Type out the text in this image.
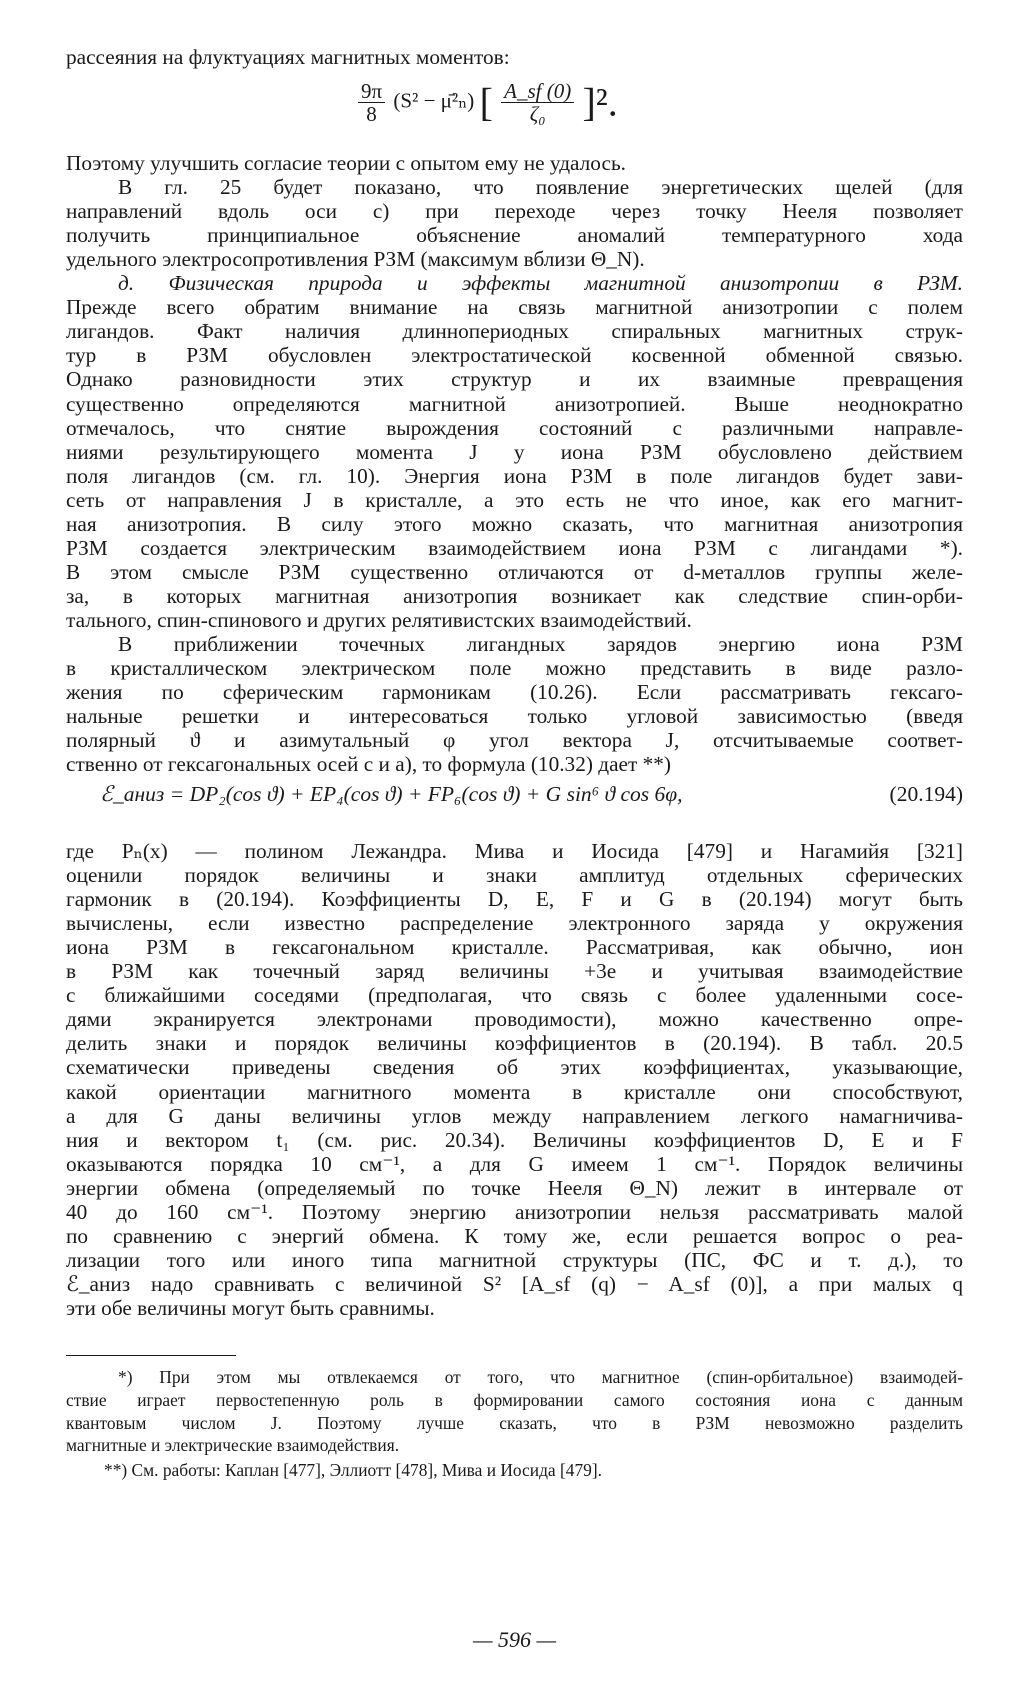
рассеяния на флуктуациях магнитных моментов:
$\frac{9\pi}{8} (S^2$ − μ̄²ₙ) [ $\frac{A\_sf (0)}{\text{ζ₀}} ]^2$.
Поэтому улучшить согласие теории с опытом ему не удалось.
В гл. 25 будет показано, что появление энергетических щелей (для
направлений вдоль оси c) при переходе через точку Нееля позволяет
получить принципиальное объяснение аномалий температурного хода
удельного электросопротивления РЗМ (максимум вблизи Θ_N).
д. Физическая природа и эффекты магнитной анизотропии в РЗМ.
Прежде всего обратим внимание на связь магнитной анизотропии с полем
лигандов. Факт наличия длиннопериодных спиральных магнитных струк-
тур в РЗМ обусловлен электростатической косвенной обменной связью.
Однако разновидности этих структур и их взаимные превращения
существенно определяются магнитной анизотропией. Выше неоднократно
отмечалось, что снятие вырождения состояний с различными направле-
ниями результирующего момента J у иона РЗМ обусловлено действием
поля лигандов (см. гл. 10). Энергия иона РЗМ в поле лигандов будет зави-
сеть от направления J в кристалле, а это есть не что иное, как его магнит-
ная анизотропия. В силу этого можно сказать, что магнитная анизотропия
РЗМ создается электрическим взаимодействием иона РЗМ с лигандами *).
В этом смысле РЗМ существенно отличаются от d-металлов группы желе-
за, в которых магнитная анизотропия возникает как следствие спин-орби-
тального, спин-спинового и других релятивистских взаимодействий.
В приближении точечных лигандных зарядов энергию иона РЗМ
в кристаллическом электрическом поле можно представить в виде разло-
жения по сферическим гармоникам (10.26). Если рассматривать гексаго-
нальные решетки и интересоваться только угловой зависимостью (введя
полярный ϑ и азимутальный φ угол вектора J, отсчитываемые соответ-
ственно от гексагональных осей c и a), то формула (10.32) дает **)
ℰ_аниз = DP₂(cos ϑ) + EP₄(cos ϑ) + FP₆(cos ϑ) + G sin⁶ ϑ cos 6φ,	(20.194)
где Pₙ(x) — полином Лежандра. Мива и Иосида [479] и Нагамийя [321]
оценили порядок величины и знаки амплитуд отдельных сферических
гармоник в (20.194). Коэффициенты D, E, F и G в (20.194) могут быть
вычислены, если известно распределение электронного заряда у окружения
иона РЗМ в гексагональном кристалле. Рассматривая, как обычно, ион
в РЗМ как точечный заряд величины +3e и учитывая взаимодействие
с ближайшими соседями (предполагая, что связь с более удаленными сосе-
дями экранируется электронами проводимости), можно качественно опре-
делить знаки и порядок величины коэффициентов в (20.194). В табл. 20.5
схематически приведены сведения об этих коэффициентах, указывающие,
какой ориентации магнитного момента в кристалле они способствуют,
а для G даны величины углов между направлением легкого намагничива-
ния и вектором t₁ (см. рис. 20.34). Величины коэффициентов D, E и F
оказываются порядка 10 см⁻¹, а для G имеем 1 см⁻¹. Порядок величины
энергии обмена (определяемый по точке Нееля Θ_N) лежит в интервале от
40 до 160 см⁻¹. Поэтому энергию анизотропии нельзя рассматривать малой
по сравнению с энергий обмена. К тому же, если решается вопрос о реа-
лизации того или иного типа магнитной структуры (ПС, ФС и т. д.), то
ℰ_аниз надо сравнивать с величиной S² [A_sf (q) − A_sf (0)], а при малых q
эти обе величины могут быть сравнимы.
*) При этом мы отвлекаемся от того, что магнитное (спин-орбитальное) взаимодей-
ствие играет первостепенную роль в формировании самого состояния иона с данным
квантовым числом J. Поэтому лучше сказать, что в РЗМ невозможно разделить
магнитные и электрические взаимодействия.
**) См. работы: Каплан [477], Эллиотт [478], Мива и Иосида [479].
— 596 —
